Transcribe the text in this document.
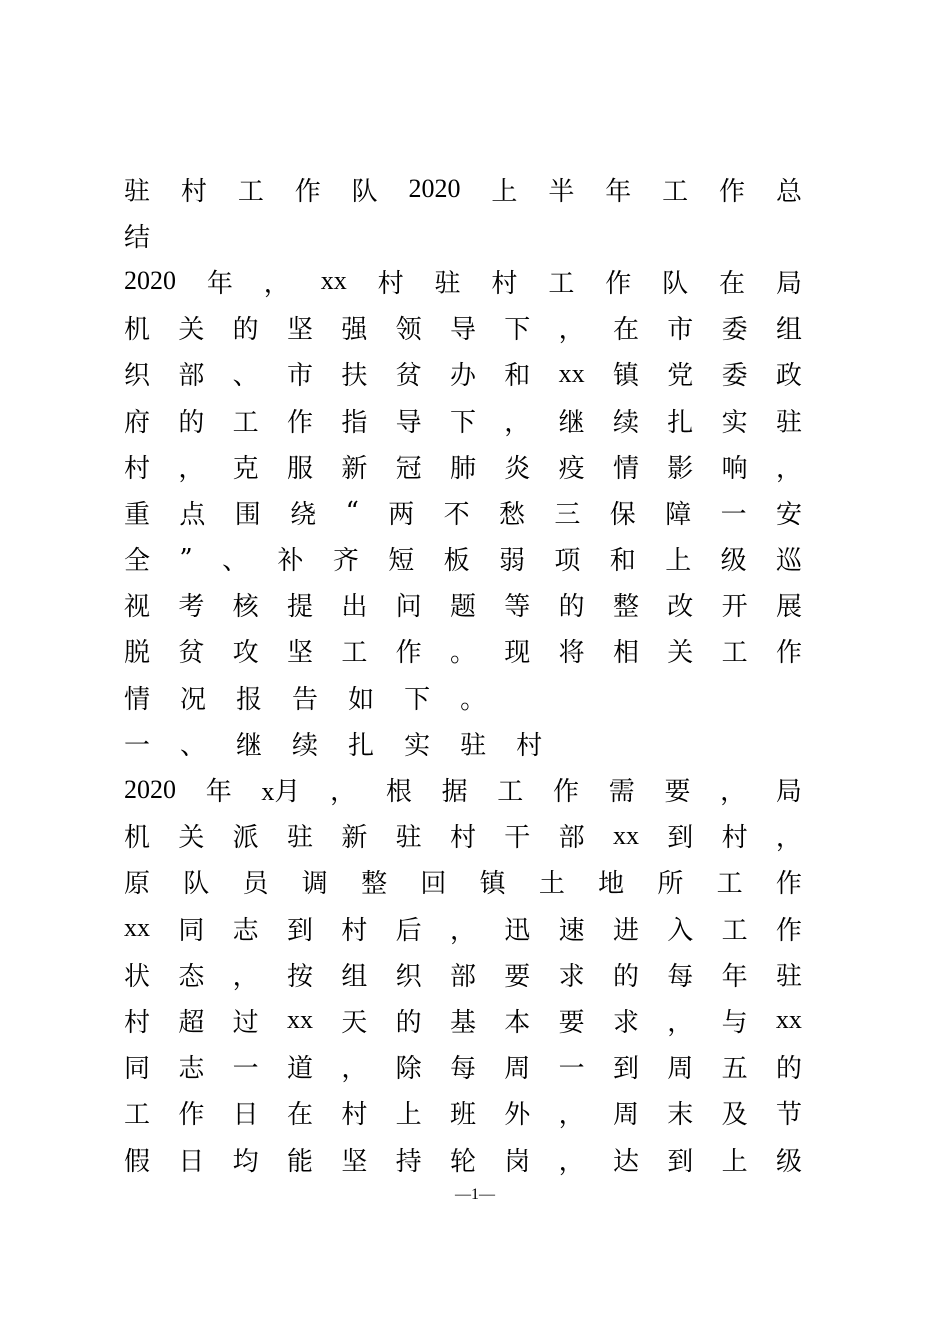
驻 村 工 作 队 2020 上 半 年 工 作 总
结
2020 年 ， xx 村 驻 村 工 作 队 在 局
机 关 的 坚 强 领 导 下 ， 在 市 委 组
织 部 、 市 扶 贫 办 和 xx 镇 党 委 政
府 的 工 作 指 导 下 ， 继 续 扎 实 驻
村 ， 克 服 新 冠 肺 炎 疫 情 影 响 ，
重 点 围 绕 “ 两 不 愁 三 保 障 一 安
全 ” 、 补 齐 短 板 弱 项 和 上 级 巡
视 考 核 提 出 问 题 等 的 整 改 开 展
脱 贫 攻 坚 工 作 。 现 将 相 关 工 作
情 况 报 告 如 下 。
一 、 继 续 扎 实 驻 村
2020 年 x月 ， 根 据 工 作 需 要 ， 局
机 关 派 驻 新 驻 村 干 部 xx 到 村 ，
原 队 员 调 整 回 镇 土 地 所 工 作
xx 同 志 到 村 后 ， 迅 速 进 入 工 作
状 态 ， 按 组 织 部 要 求 的 每 年 驻
村 超 过 xx 天 的 基 本 要 求 ， 与 xx
同 志 一 道 ， 除 每 周 一 到 周 五 的
工 作 日 在 村 上 班 外 ， 周 末 及 节
假 日 均 能 坚 持 轮 岗 ， 达 到 上 级
—1—
